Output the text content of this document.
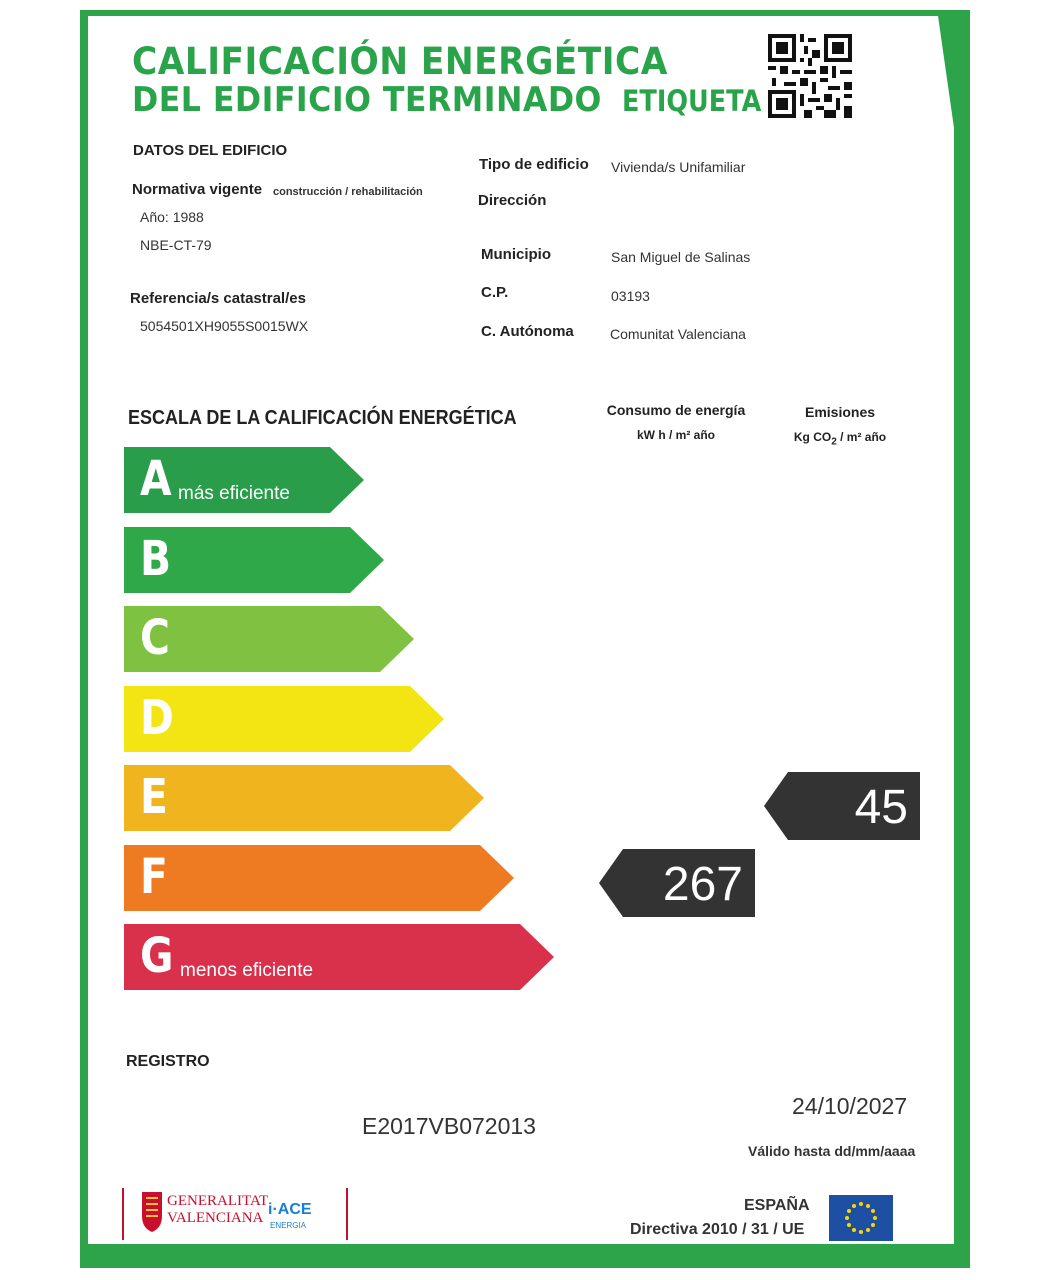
CALIFICACIÓN ENERGÉTICA
DEL EDIFICIO TERMINADO ETIQUETA
DATOS DEL EDIFICIO
Normativa vigente construcción / rehabilitación
Año: 1988
NBE-CT-79
Referencia/s catastral/es
5054501XH9055S0015WX
Tipo de edificio Vivienda/s Unifamiliar
Dirección
Municipio	San Miguel de Salinas
C.P.	03193
C. Autónoma	Comunitat Valenciana
ESCALA DE LA CALIFICACIÓN ENERGÉTICA	Consumo de energía
kW h / m² año
Emisiones
Kg $CO_2 / m^2$ año
A más eficiente
B
C
D
E
F
G menos eficiente
267
45
REGISTRO
E2017VB072013
24/10/2027
Válido hasta dd/mm/aaaa
GENERALITAT
VALENCIANA i·ACE
ENERGIA
ESPAÑA
Directiva 2010 / 31 / UE
